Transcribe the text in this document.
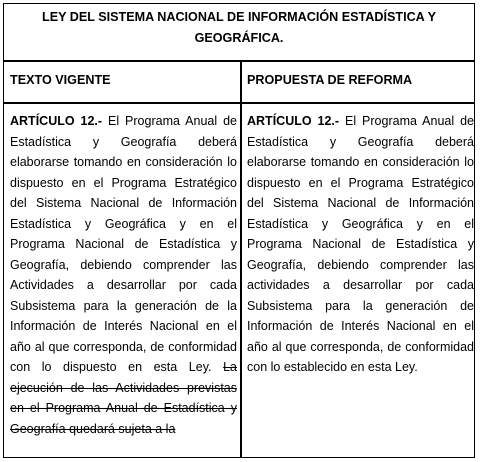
LEY DEL SISTEMA NACIONAL DE INFORMACIÓN ESTADÍSTICA Y GEOGRÁFICA.
TEXTO VIGENTE	PROPUESTA DE REFORMA
ARTÍCULO 12.- El Programa Anual de Estadística y Geografía deberá elaborarse tomando en consideración lo dispuesto en el Programa Estratégico del Sistema Nacional de Información Estadística y Geográfica y en el Programa Nacional de Estadística y Geografía, debiendo comprender las Actividades a desarrollar por cada Subsistema para la generación de la Información de Interés Nacional en el año al que corresponda, de conformidad con lo dispuesto en esta Ley. La ejecución de las Actividades previstas en el Programa Anual de Estadística y Geografía quedará sujeta a la
ARTÍCULO 12.- El Programa Anual de Estadística y Geografía deberá elaborarse tomando en consideración lo dispuesto en el Programa Estratégico del Sistema Nacional de Información Estadística y Geográfica y en el Programa Nacional de Estadística y Geografía, debiendo comprender las actividades a desarrollar por cada Subsistema para la generación de Información de Interés Nacional en el año al que corresponda, de conformidad con lo establecido en esta Ley.
